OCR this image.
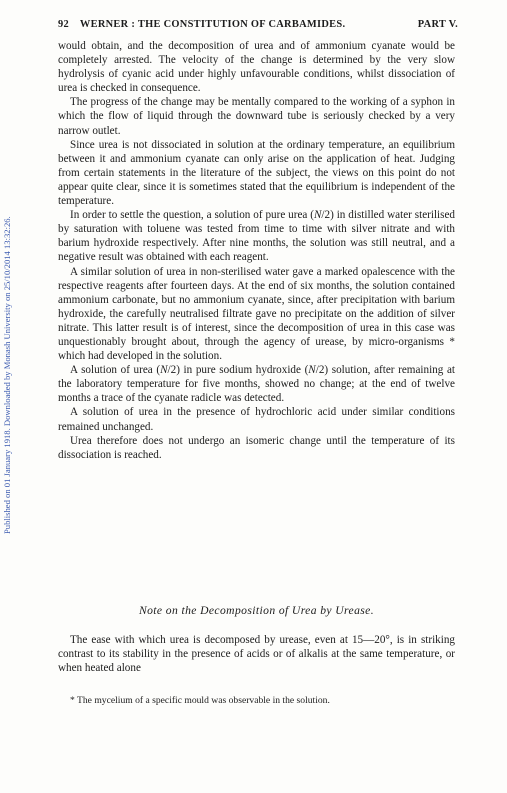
Published on 01 January 1918. Downloaded by Monash University on 25/10/2014 13:32:26.
92 WERNER : THE CONSTITUTION OF CARBAMIDES.	PART V.

would obtain, and the decomposition of urea and of ammonium cyanate would be completely arrested. The velocity of the change is determined by the very slow hydrolysis of cyanic acid under highly unfavourable conditions, whilst dissociation of urea is checked in consequence.

The progress of the change may be mentally compared to the working of a syphon in which the flow of liquid through the downward tube is seriously checked by a very narrow outlet.

Since urea is not dissociated in solution at the ordinary temperature, an equilibrium between it and ammonium cyanate can only arise on the application of heat. Judging from certain statements in the literature of the subject, the views on this point do not appear quite clear, since it is sometimes stated that the equilibrium is independent of the temperature.

In order to settle the question, a solution of pure urea (N/2) in distilled water sterilised by saturation with toluene was tested from time to time with silver nitrate and with barium hydroxide respectively. After nine months, the solution was still neutral, and a negative result was obtained with each reagent.

A similar solution of urea in non-sterilised water gave a marked opalescence with the respective reagents after fourteen days. At the end of six months, the solution contained ammonium carbonate, but no ammonium cyanate, since, after precipitation with barium hydroxide, the carefully neutralised filtrate gave no precipitate on the addition of silver nitrate. This latter result is of interest, since the decomposition of urea in this case was unquestionably brought about, through the agency of urease, by micro-organisms * which had developed in the solution.

A solution of urea (N/2) in pure sodium hydroxide (N/2) solution, after remaining at the laboratory temperature for five months, showed no change; at the end of twelve months a trace of the cyanate radicle was detected.

A solution of urea in the presence of hydrochloric acid under similar conditions remained unchanged.

Urea therefore does not undergo an isomeric change until the temperature of its dissociation is reached.

Note on the Decomposition of Urea by Urease.

The ease with which urea is decomposed by urease, even at 15—20°, is in striking contrast to its stability in the presence of acids or of alkalis at the same temperature, or when heated alone

* The mycelium of a specific mould was observable in the solution.
